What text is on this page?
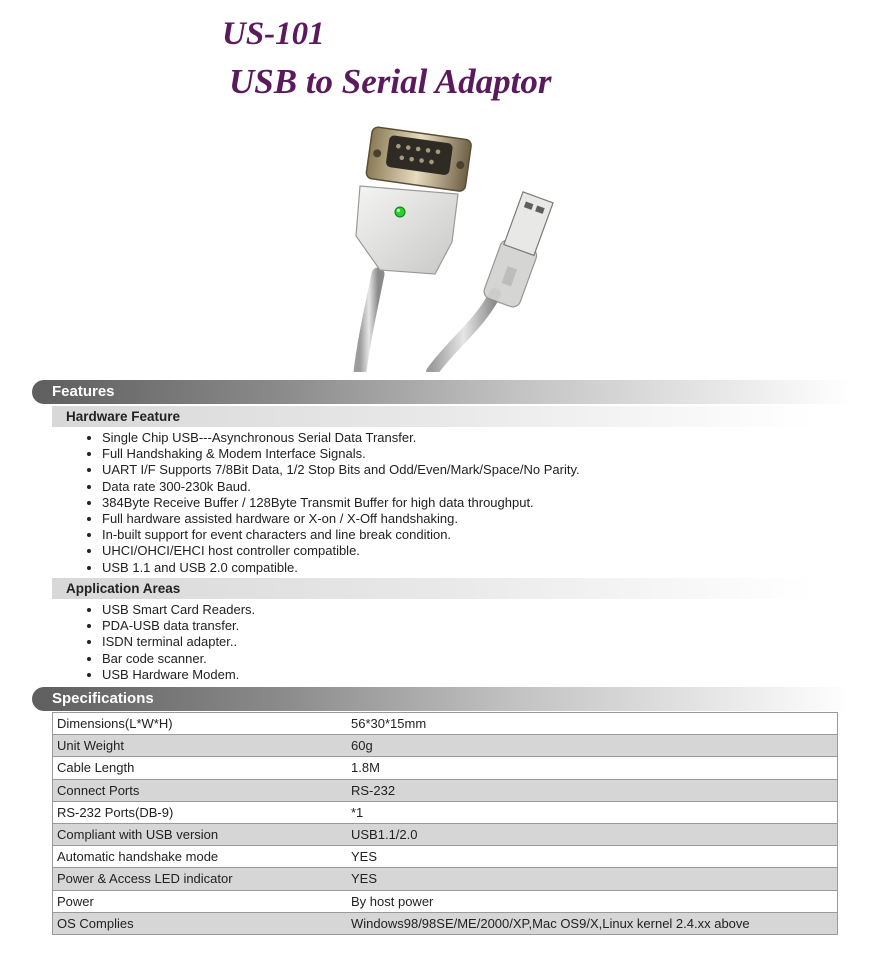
US-101
USB to Serial Adaptor
Features
Hardware Feature
• Single Chip USB---Asynchronous Serial Data Transfer.
• Full Handshaking & Modem Interface Signals.
• UART I/F Supports 7/8Bit Data, 1/2 Stop Bits and Odd/Even/Mark/Space/No Parity.
• Data rate 300-230k Baud.
• 384Byte Receive Buffer / 128Byte Transmit Buffer for high data throughput.
• Full hardware assisted hardware or X-on / X-Off handshaking.
• In-built support for event characters and line break condition.
• UHCI/OHCI/EHCI host controller compatible.
• USB 1.1 and USB 2.0 compatible.
Application Areas
• USB Smart Card Readers.
• PDA-USB data transfer.
• ISDN terminal adapter..
• Bar code scanner.
• USB Hardware Modem.
Specifications
Dimensions(L*W*H)	56*30*15mm
Unit Weight	60g
Cable Length	1.8M
Connect Ports	RS-232
RS-232 Ports(DB-9)	*1
Compliant with USB version	USB1.1/2.0
Automatic handshake mode	YES
Power & Access LED indicator	YES
Power	By host power
OS Complies	Windows98/98SE/ME/2000/XP,Mac OS9/X,Linux kernel 2.4.xx above
